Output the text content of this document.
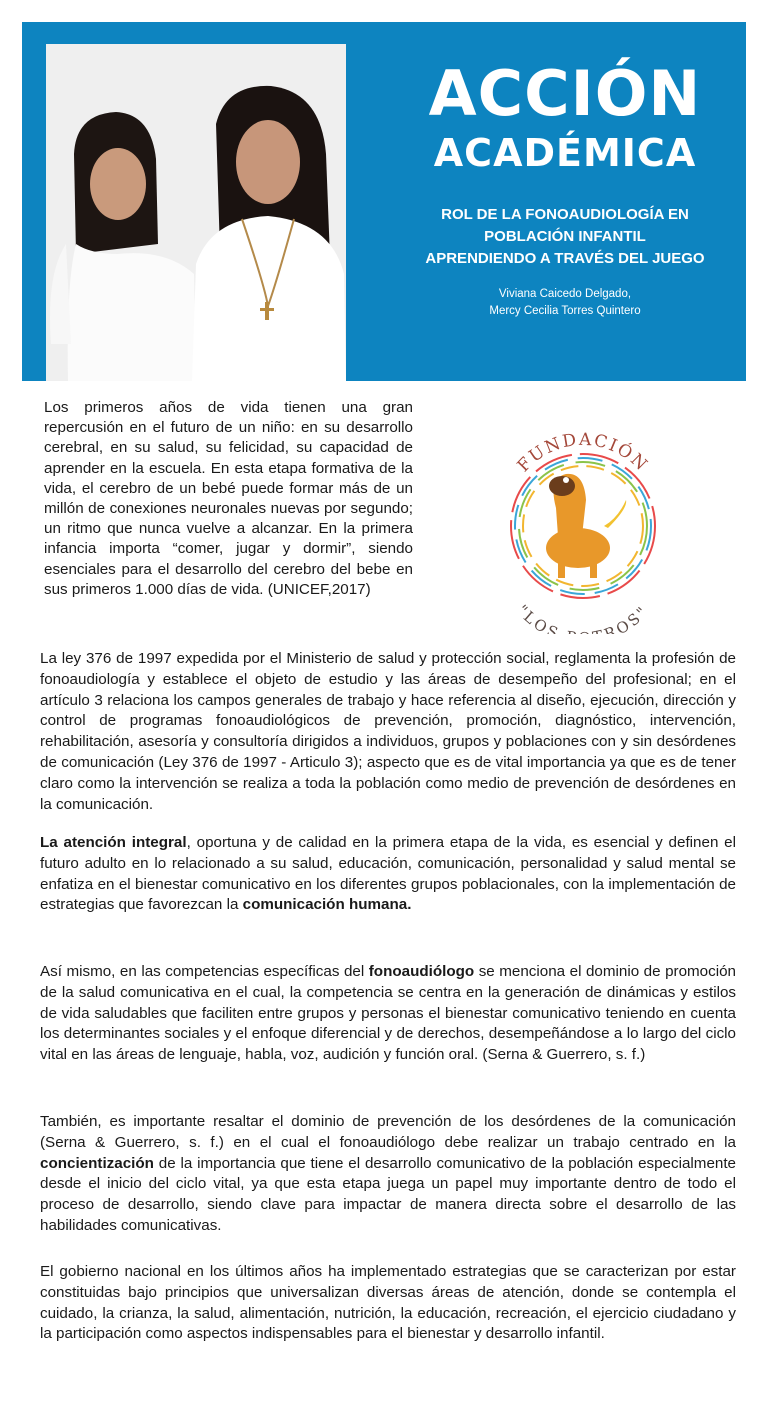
ACCIÓN

ACADÉMICA

ROL DE LA FONOAUDIOLOGÍA EN
POBLACIÓN INFANTIL
APRENDIENDO A TRAVÉS DEL JUEGO

Viviana Caicedo Delgado,
Mercy Cecilia Torres Quintero

Los primeros años de vida tienen una gran repercusión en el futuro de un niño: en su desarrollo cerebral, en su salud, su felicidad, su capacidad de aprender en la escuela. En esta etapa formativa de la vida, el cerebro de un bebé puede formar más de un millón de conexiones neuronales nuevas por segundo; un ritmo que nunca vuelve a alcanzar. En la primera infancia importa “comer, jugar y dormir”, siendo esenciales para el desarrollo del cerebro del bebe en sus primeros 1.000 días de vida. (UNICEF,2017)

FUNDACIÓN
"LOS ROS"

La ley 376 de 1997 expedida por el Ministerio de salud y protección social, reglamenta la profesión de fonoaudiología y establece el objeto de estudio y las áreas de desempeño del profesional; en el artículo 3 relaciona los campos generales de trabajo y hace referencia al diseño, ejecución, dirección y control de programas fonoaudiológicos de prevención, promoción, diagnóstico, intervención, rehabilitación, asesoría y consultoría dirigidos a individuos, grupos y poblaciones con y sin desórdenes de comunicación (Ley 376 de 1997 - Articulo 3); aspecto que es de vital importancia ya que es de tener claro como la intervención se realiza a toda la población como medio de prevención de desórdenes en la comunicación.

La atención integral, oportuna y de calidad en la primera etapa de la vida, es esencial y definen el futuro adulto en lo relacionado a su salud, educación, comunicación, personalidad y salud mental se enfatiza en el bienestar comunicativo en los diferentes grupos poblacionales, con la implementación de estrategias que favorezcan la comunicación humana.

Así mismo, en las competencias específicas del fonoaudiólogo se menciona el dominio de promoción de la salud comunicativa en el cual, la competencia se centra en la generación de dinámicas y estilos de vida saludables que faciliten entre grupos y personas el bienestar comunicativo teniendo en cuenta los determinantes sociales y el enfoque diferencial y de derechos, desempeñándose a lo largo del ciclo vital en las áreas de lenguaje, habla, voz, audición y función oral. (Serna & Guerrero, s. f.)

También, es importante resaltar el dominio de prevención de los desórdenes de la comunicación (Serna & Guerrero, s. f.) en el cual el fonoaudiólogo debe realizar un trabajo centrado en la concientización de la importancia que tiene el desarrollo comunicativo de la población especialmente desde el inicio del ciclo vital, ya que esta etapa juega un papel muy importante dentro de todo el proceso de desarrollo, siendo clave para impactar de manera directa sobre el desarrollo de las habilidades comunicativas.

El gobierno nacional en los últimos años ha implementado estrategias que se caracterizan por estar constituidas bajo principios que universalizan diversas áreas de atención, donde se contempla el cuidado, la crianza, la salud, alimentación, nutrición, la educación, recreación, el ejercicio ciudadano y la participación como aspectos indispensables para el bienestar y desarrollo infantil.
